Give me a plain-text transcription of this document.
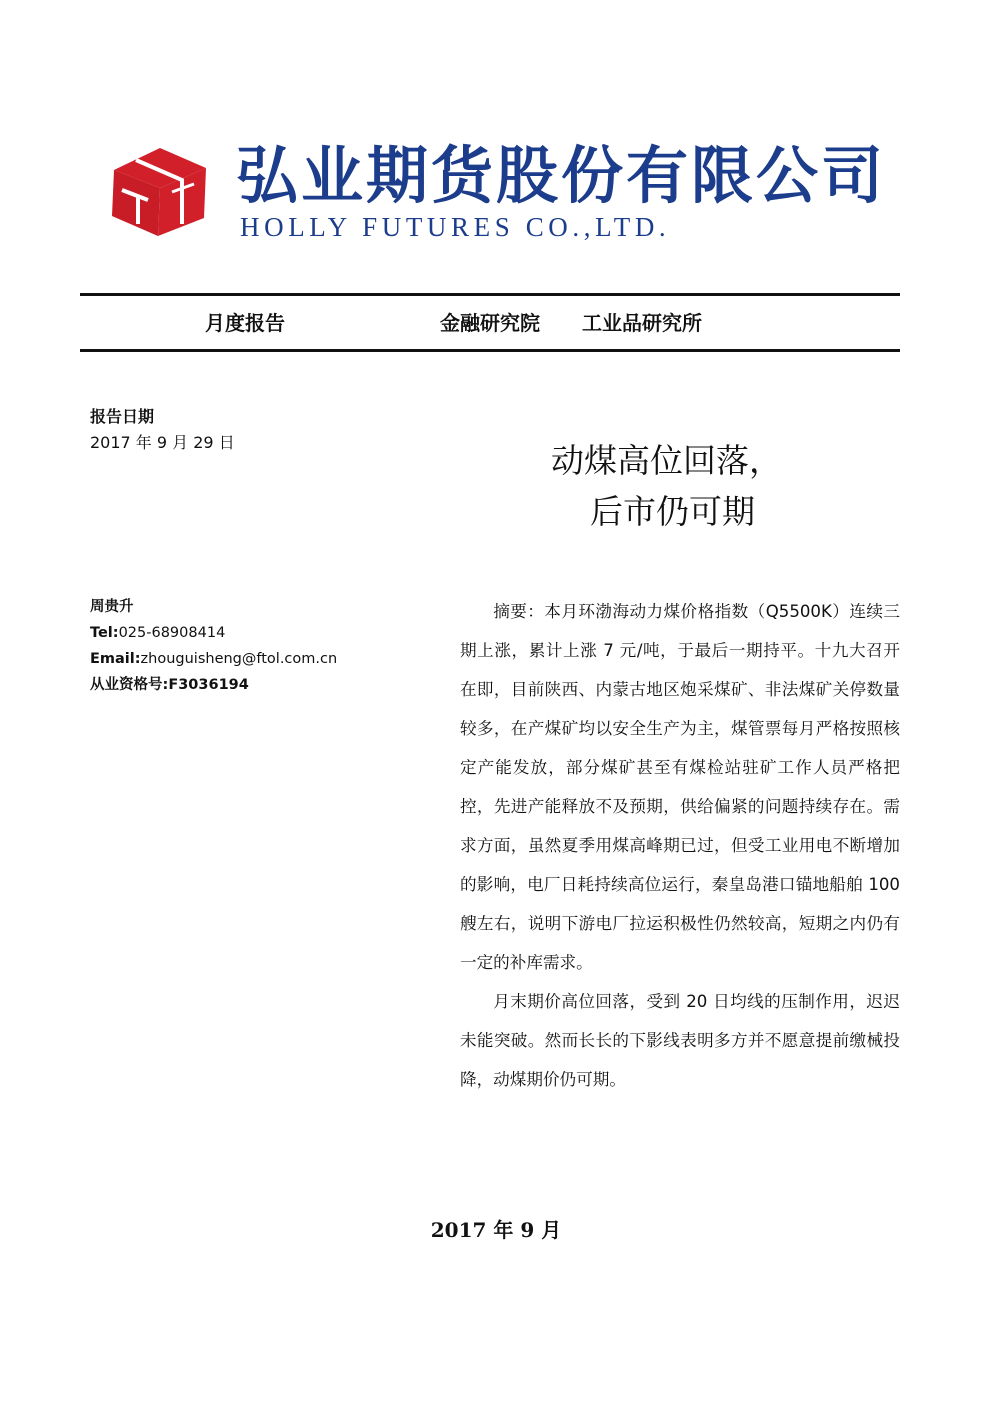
弘业期货股份有限公司
HOLLY FUTURES CO.,LTD.
月度报告	金融研究院 工业品研究所
报告日期
2017 年 9 月 29 日	动煤高位回落，
后市仍可期
周贵升
Tel:025-68908414
Email:zhouguisheng@ftol.com.cn
从业资格号:F3036194

摘要：本月环渤海动力煤价格指数（Q5500K）连续三期上涨，累计上涨 7 元/吨，于最后一期持平。十九大召开在即，目前陕西、内蒙古地区炮采煤矿、非法煤矿关停数量较多，在产煤矿均以安全生产为主，煤管票每月严格按照核定产能发放，部分煤矿甚至有煤检站驻矿工作人员严格把控，先进产能释放不及预期，供给偏紧的问题持续存在。需求方面，虽然夏季用煤高峰期已过，但受工业用电不断增加的影响，电厂日耗持续高位运行，秦皇岛港口锚地船舶 100 艘左右，说明下游电厂拉运积极性仍然较高，短期之内仍有一定的补库需求。

月末期价高位回落，受到 20 日均线的压制作用，迟迟未能突破。然而长长的下影线表明多方并不愿意提前缴械投降，动煤期价仍可期。

2017 年 9 月
